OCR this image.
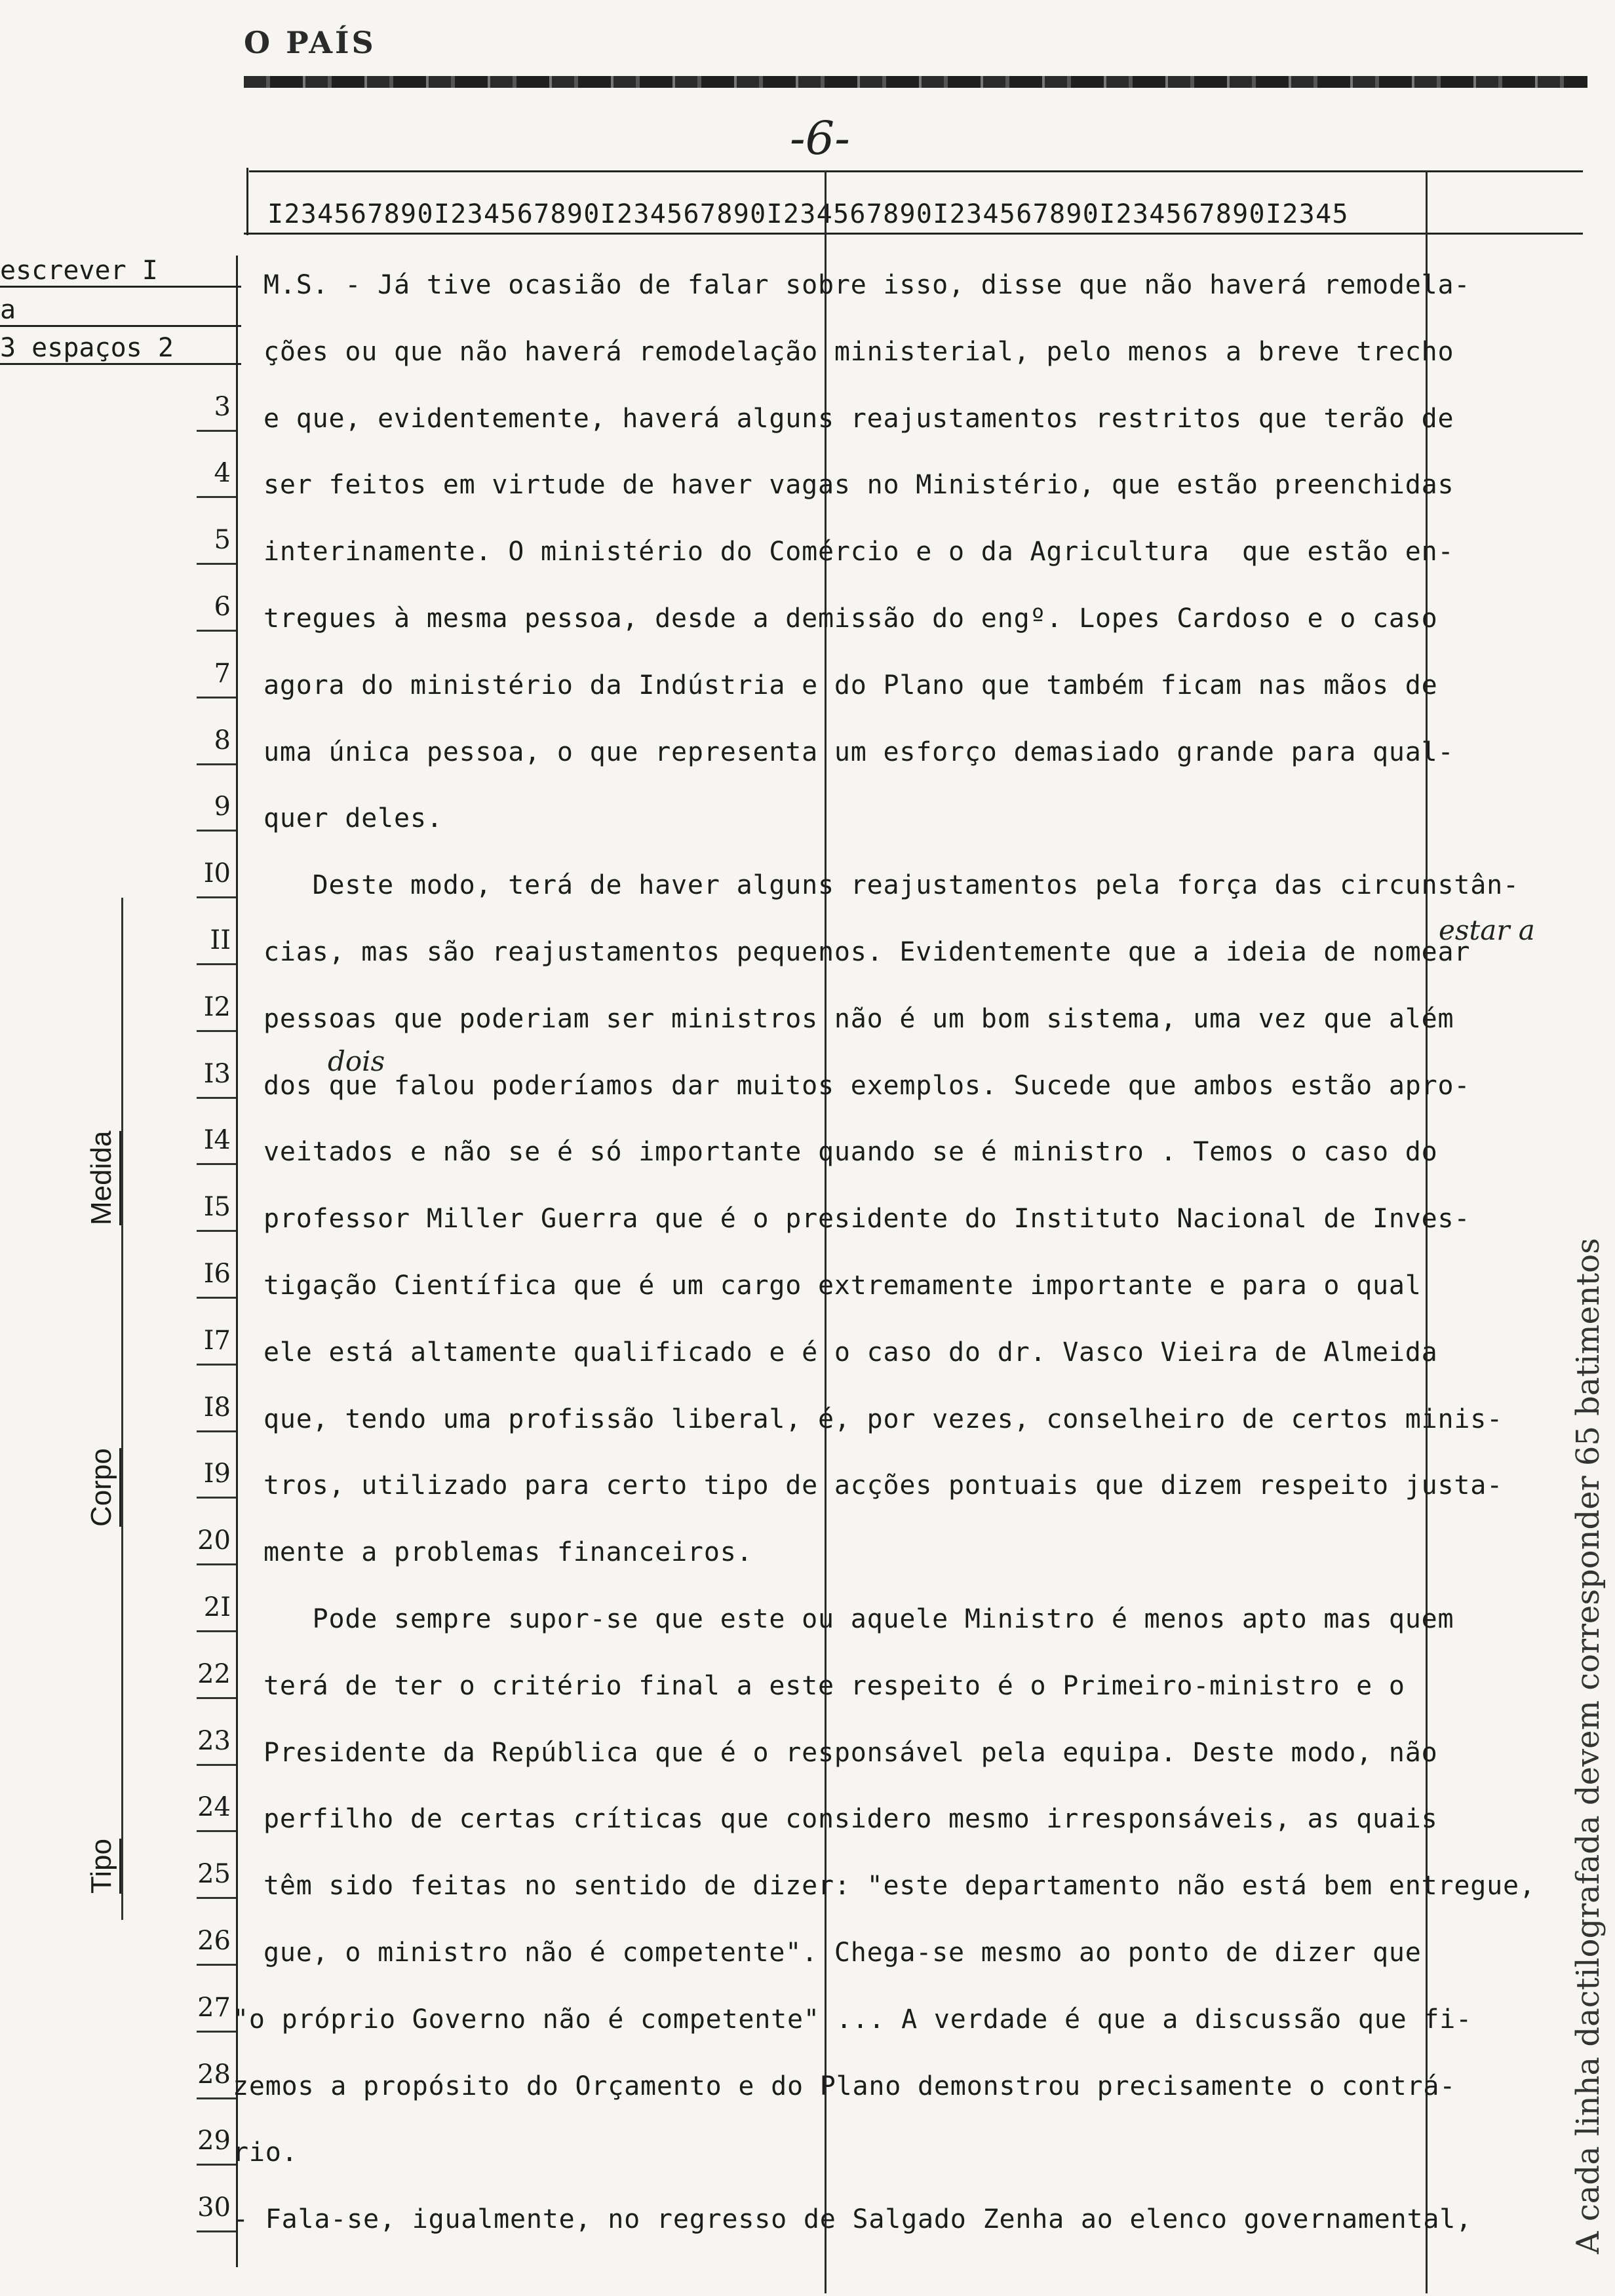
O PAÍS
-6-
I234567890I234567890I234567890I234567890I234567890I234567890I2345
escrever I
a
3 espaços 2
Tipo
Corpo
Medida
A cada linha dactilografada devem corresponder 65 batimentos
estar a
dois
M.S. - Já tive ocasião de falar sobre isso, disse que não haverá remodela-
ções ou que não haverá remodelação ministerial, pelo menos a breve trecho
3 e que, evidentemente, haverá alguns reajustamentos restritos que terão de
4 ser feitos em virtude de haver vagas no Ministério, que estão preenchidas
5 interinamente. O ministério do Comércio e o da Agricultura  que estão en-
6 tregues à mesma pessoa, desde a demissão do engº. Lopes Cardoso e o caso
7 agora do ministério da Indústria e do Plano que também ficam nas mãos de
8 uma única pessoa, o que representa um esforço demasiado grande para qual-
9 quer deles.
I0 Deste modo, terá de haver alguns reajustamentos pela força das circunstân-
II cias, mas são reajustamentos pequenos. Evidentemente que a ideia de nomear
I2 pessoas que poderiam ser ministros não é um bom sistema, uma vez que além
I3 dos que falou poderíamos dar muitos exemplos. Sucede que ambos estão apro-
I4 veitados e não se é só importante quando se é ministro . Temos o caso do
I5 professor Miller Guerra que é o presidente do Instituto Nacional de Inves-
I6 tigação Científica que é um cargo extremamente importante e para o qual
I7 ele está altamente qualificado e é o caso do dr. Vasco Vieira de Almeida
I8 que, tendo uma profissão liberal, é, por vezes, conselheiro de certos minis-
I9 tros, utilizado para certo tipo de acções pontuais que dizem respeito justa-
20 mente a problemas financeiros.
2I Pode sempre supor-se que este ou aquele Ministro é menos apto mas quem
22 terá de ter o critério final a este respeito é o Primeiro-ministro e o
23 Presidente da República que é o responsável pela equipa. Deste modo, não
24 perfilho de certas críticas que considero mesmo irresponsáveis, as quais
25 têm sido feitas no sentido de dizer: "este departamento não está bem entregue,
26 gue, o ministro não é competente". Chega-se mesmo ao ponto de dizer que
27 "o próprio Governo não é competente" ... A verdade é que a discussão que fi-
28 zemos a propósito do Orçamento e do Plano demonstrou precisamente o contrá-
29 rio.
30 - Fala-se, igualmente, no regresso de Salgado Zenha ao elenco governamental,
